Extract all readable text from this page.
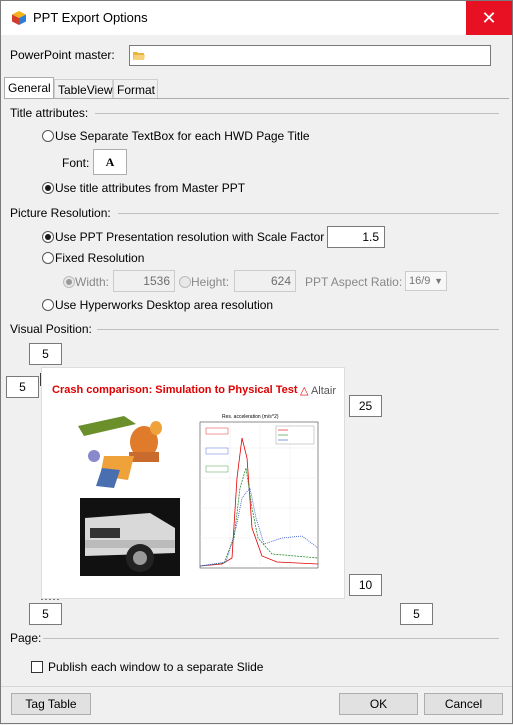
PPT Export Options	✕
PowerPoint master:
General TableView Format
Title attributes:
Use Separate TextBox for each HWD Page Title
Font:	A
Use title attributes from Master PPT
Picture Resolution:
Use PPT Presentation resolution with Scale Factor	1.5
Fixed Resolution
Width:	1536 Height:	624 PPT Aspect Ratio: 16/9 ▼
Use Hyperworks Desktop area resolution
Visual Position:
5
5
25
10
5	5
Crash comparison: Simulation to Physical Test △ Altair
Res. acceleration (m/s^2)
Page:
Publish each window to a separate Slide
Tag Table	OK	Cancel
